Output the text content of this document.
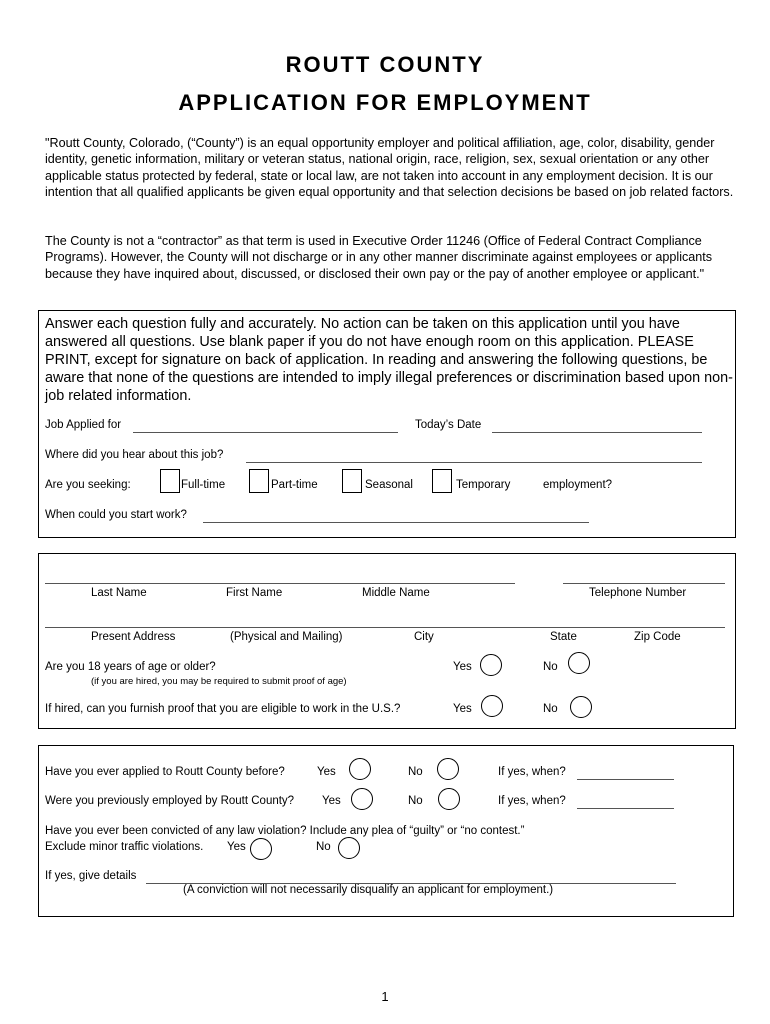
ROUTT COUNTY
APPLICATION FOR EMPLOYMENT
"Routt County, Colorado, (“County”) is an equal opportunity employer and political affiliation, age, color, disability, gender identity, genetic information, military or veteran status, national origin, race, religion, sex, sexual orientation or any other applicable status protected by federal, state or local law, are not taken into account in any employment decision. It is our intention that all qualified applicants be given equal opportunity and that selection decisions be based on job related factors.
The County is not a “contractor” as that term is used in Executive Order 11246 (Office of Federal Contract Compliance Programs). However, the County will not discharge or in any other manner discriminate against employees or applicants because they have inquired about, discussed, or disclosed their own pay or the pay of another employee or applicant."
Answer each question fully and accurately. No action can be taken on this application until you have answered all questions. Use blank paper if you do not have enough room on this application. PLEASE PRINT, except for signature on back of application. In reading and answering the following questions, be aware that none of the questions are intended to imply illegal preferences or discrimination based upon non-job related information.
Job Applied for	Today’s Date
Where did you hear about this job?
Are you seeking:	Full-time	Part-time	Seasonal	Temporary	employment?
When could you start work?
Last Name	First Name	Middle Name	Telephone Number
Present Address	(Physical and Mailing)	City	State	Zip Code
Are you 18 years of age or older?
(if you are hired, you may be required to submit proof of age)
Yes	No
If hired, can you furnish proof that you are eligible to work in the U.S.?	Yes	No
Have you ever applied to Routt County before?	Yes	No	If yes, when?
Were you previously employed by Routt County? Yes	No	If yes, when?
Have you ever been convicted of any law violation? Include any plea of “guilty” or “no contest.”
Exclude minor traffic violations. Yes	No
If yes, give details
(A conviction will not necessarily disqualify an applicant for employment.)
1
